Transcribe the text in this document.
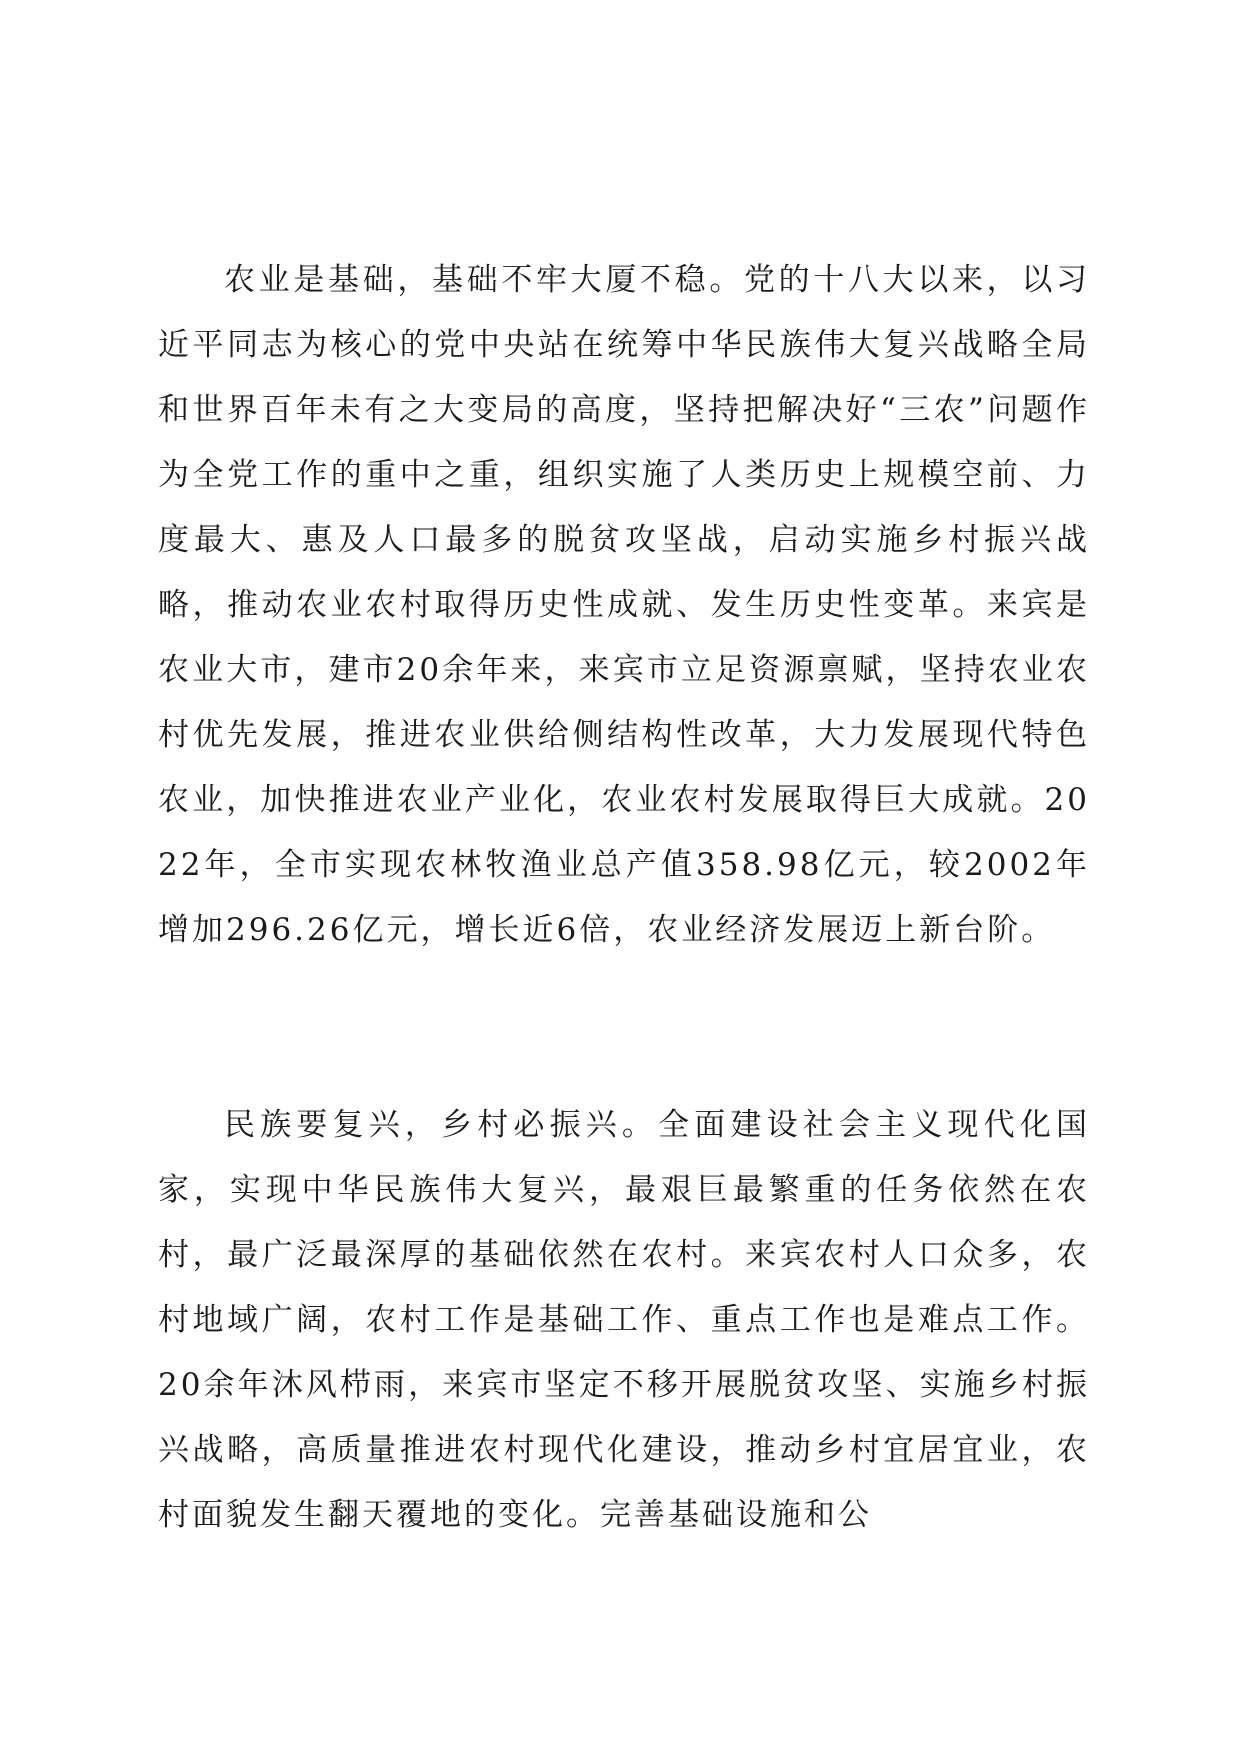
农业是基础，基础不牢大厦不稳。党的十八大以来，以习近平同志为核心的党中央站在统筹中华民族伟大复兴战略全局和世界百年未有之大变局的高度，坚持把解决好“三农”问题作为全党工作的重中之重，组织实施了人类历史上规模空前、力度最大、惠及人口最多的脱贫攻坚战，启动实施乡村振兴战略，推动农业农村取得历史性成就、发生历史性变革。来宾是农业大市，建市20余年来，来宾市立足资源禀赋，坚持农业农村优先发展，推进农业供给侧结构性改革，大力发展现代特色农业，加快推进农业产业化，农业农村发展取得巨大成就。2022年，全市实现农林牧渔业总产值358.98亿元，较2002年增加296.26亿元，增长近6倍，农业经济发展迈上新台阶。

民族要复兴，乡村必振兴。全面建设社会主义现代化国家，实现中华民族伟大复兴，最艰巨最繁重的任务依然在农村，最广泛最深厚的基础依然在农村。来宾农村人口众多，农村地域广阔，农村工作是基础工作、重点工作也是难点工作。20余年沐风栉雨，来宾市坚定不移开展脱贫攻坚、实施乡村振兴战略，高质量推进农村现代化建设，推动乡村宜居宜业，农村面貌发生翻天覆地的变化。完善基础设施和公
